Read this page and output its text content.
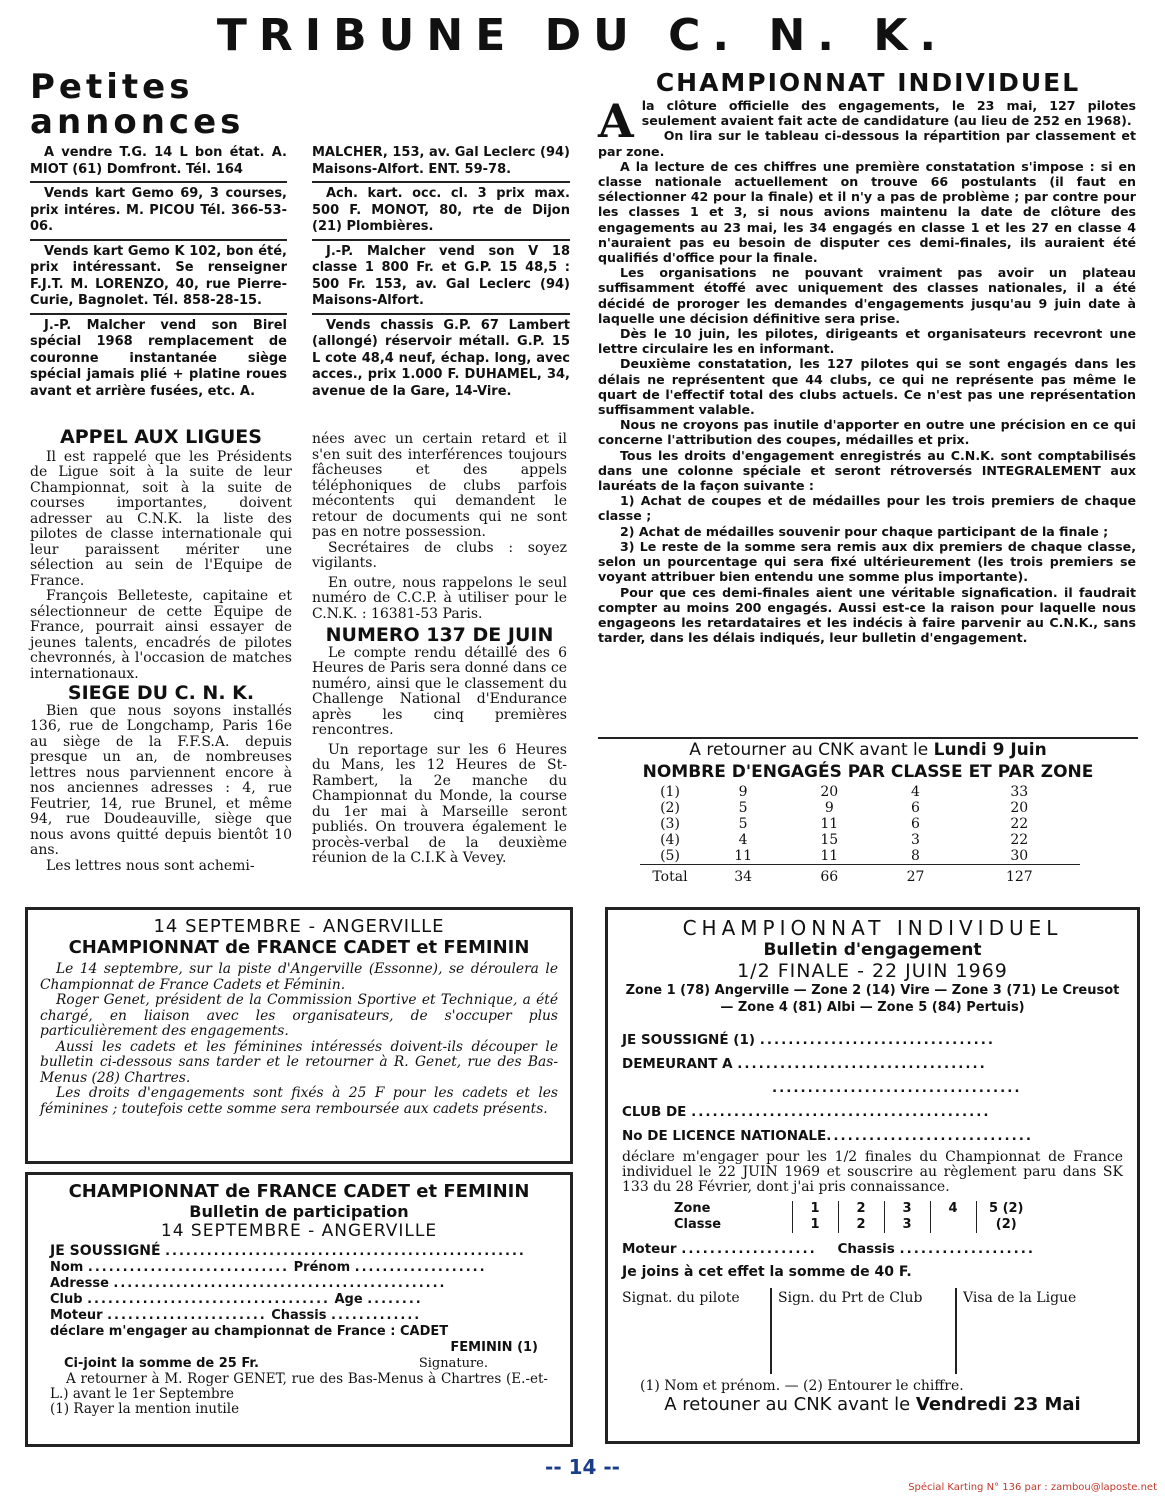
TRIBUNE DU C. N. K.
Petites
annonces

A vendre T.G. 14 L bon état. A. MIOT (61) Domfront. Tél. 164

Vends kart Gemo 69, 3 courses, prix intéres. M. PICOU Tél. 366-53-06.

Vends kart Gemo K 102, bon été, prix intéressant. Se renseigner F.J.T. M. LORENZO, 40, rue Pierre-Curie, Bagnolet. Tél. 858-28-15.

J.-P. Malcher vend son Birel spécial 1968 remplacement de couronne instantanée siège spécial jamais plié + platine roues avant et arrière fusées, etc. A.

MALCHER, 153, av. Gal Leclerc (94) Maisons-Alfort. ENT. 59-78.

Ach. kart. occ. cl. 3 prix max. 500 F. MONOT, 80, rte de Dijon (21) Plombières.

J.-P. Malcher vend son V 18 classe 1 800 Fr. et G.P. 15 48,5 : 500 Fr. 153, av. Gal Leclerc (94) Maisons-Alfort.

Vends chassis G.P. 67 Lambert (allongé) réservoir métall. G.P. 15 L cote 48,4 neuf, échap. long, avec acces., prix 1.000 F. DUHAMEL, 34, avenue de la Gare, 14-Vire.

APPEL AUX LIGUES

Il est rappelé que les Présidents de Ligue soit à la suite de leur Championnat, soit à la suite de courses importantes, doivent adresser au C.N.K. la liste des pilotes de classe internationale qui leur paraissent mériter une sélection au sein de l'Equipe de France.

François Belleteste, capitaine et sélectionneur de cette Equipe de France, pourrait ainsi essayer de jeunes talents, encadrés de pilotes chevronnés, à l'occasion de matches internationaux.

SIEGE DU C. N. K.

Bien que nous soyons installés 136, rue de Longchamp, Paris 16e au siège de la F.F.S.A. depuis presque un an, de nombreuses lettres nous parviennent encore à nos anciennes adresses : 4, rue Feutrier, 14, rue Brunel, et même 94, rue Doudeauville, siège que nous avons quitté depuis bientôt 10 ans.

Les lettres nous sont achemi-

nées avec un certain retard et il s'en suit des interférences toujours fâcheuses et des appels téléphoniques de clubs parfois mécontents qui demandent le retour de documents qui ne sont pas en notre possession.

Secrétaires de clubs : soyez vigilants.

En outre, nous rappelons le seul numéro de C.C.P. à utiliser pour le C.N.K. : 16381-53 Paris.

NUMERO 137 DE JUIN

Le compte rendu détaillé des 6 Heures de Paris sera donné dans ce numéro, ainsi que le classement du Challenge National d'Endurance après les cinq premières rencontres.

Un reportage sur les 6 Heures du Mans, les 12 Heures de St-Rambert, la 2e manche du Championnat du Monde, la course du 1er mai à Marseille seront publiés. On trouvera également le procès-verbal de la deuxième réunion de la C.I.K à Vevey.

CHAMPIONNAT INDIVIDUEL
A la clôture officielle des engagements, le 23 mai, 127 pilotes seulement avaient fait acte de candidature (au lieu de 252 en 1968).

On lira sur le tableau ci-dessous la répartition par classement et par zone.

A la lecture de ces chiffres une première constatation s'impose : si en classe nationale actuellement on trouve 66 postulants (il faut en sélectionner 42 pour la finale) et il n'y a pas de problème ; par contre pour les classes 1 et 3, si nous avions maintenu la date de clôture des engagements au 23 mai, les 34 engagés en classe 1 et les 27 en classe 4 n'auraient pas eu besoin de disputer ces demi-finales, ils auraient été qualifiés d'office pour la finale.

Les organisations ne pouvant vraiment pas avoir un plateau suffisamment étoffé avec uniquement des classes nationales, il a été décidé de proroger les demandes d'engagements jusqu'au 9 juin date à laquelle une décision définitive sera prise.

Dès le 10 juin, les pilotes, dirigeants et organisateurs recevront une lettre circulaire les en informant.

Deuxième constatation, les 127 pilotes qui se sont engagés dans les délais ne représentent que 44 clubs, ce qui ne représente pas même le quart de l'effectif total des clubs actuels. Ce n'est pas une représentation suffisamment valable.

Nous ne croyons pas inutile d'apporter en outre une précision en ce qui concerne l'attribution des coupes, médailles et prix.

Tous les droits d'engagement enregistrés au C.N.K. sont comptabilisés dans une colonne spéciale et seront rétroversés INTEGRALEMENT aux lauréats de la façon suivante :

1) Achat de coupes et de médailles pour les trois premiers de chaque classe ;

2) Achat de médailles souvenir pour chaque participant de la finale ;

3) Le reste de la somme sera remis aux dix premiers de chaque classe, selon un pourcentage qui sera fixé ultérieurement (les trois premiers se voyant attribuer bien entendu une somme plus importante).

Pour que ces demi-finales aient une véritable signafication. il faudrait compter au moins 200 engagés. Aussi est-ce la raison pour laquelle nous engageons les retardataires et les indécis à faire parvenir au C.N.K., sans tarder, dans les délais indiqués, leur bulletin d'engagement.

A retourner au CNK avant le Lundi 9 Juin
NOMBRE D'ENGAGÉS PAR CLASSE ET PAR ZONE
(1)	9	20	4	33
(2)	5	9	6	20
(3)	5	11	6	22
(4)	4	15	3	22
(5)	11	11	8	30
Total	34	66	27	127
14 SEPTEMBRE - ANGERVILLE
CHAMPIONNAT de FRANCE CADET et FEMININ

Le 14 septembre, sur la piste d'Angerville (Essonne), se déroulera le Championnat de France Cadets et Féminin.

Roger Genet, président de la Commission Sportive et Technique, a été chargé, en liaison avec les organisateurs, de s'occuper plus particulièrement des engagements.

Aussi les cadets et les féminines intéressés doivent-ils découper le bulletin ci-dessous sans tarder et le retourner à R. Genet, rue des Bas-Menus (28) Chartres.

Les droits d'engagements sont fixés à 25 F pour les cadets et les féminines ; toutefois cette somme sera remboursée aux cadets présents.

CHAMPIONNAT de FRANCE CADET et FEMININ
Bulletin de participation
14 SEPTEMBRE - ANGERVILLE
JE SOUSSIGNÉ ....................................................
Nom ............................. Prénom ...................
Adresse ................................................
Club ................................... Age ........
Moteur ....................... Chassis .............
déclare m'engager au championnat de France : CADET
FEMININ (1)
Ci-joint la somme de 25 Fr.	Signature.

A retourner à M. Roger GENET, rue des Bas-Menus à Chartres (E.-et-L.) avant le 1er Septembre

(1) Rayer la mention inutile

CHAMPIONNAT INDIVIDUEL
Bulletin d'engagement
1/2 FINALE - 22 JUIN 1969
Zone 1 (78) Angerville — Zone 2 (14) Vire — Zone 3 (71) Le Creusot — Zone 4 (81) Albi — Zone 5 (84) Pertuis)
JE SOUSSIGNÉ (1) .................................
DEMEURANT A ...................................
...................................
CLUB DE ..........................................
No DE LICENCE NATIONALE.............................
déclare m'engager pour les 1/2 finales du Championnat de France individuel le 22 JUIN 1969 et souscrire au règlement paru dans SK 133 du 28 Février, dont j'ai pris connaissance.
Zone	1	2	3	4	5 (2)
Classe	1	2	3		(2)
Moteur ................... Chassis ...................
Je joins à cet effet la somme de 40 F.
Signat. du pilote	Sign. du Prt de Club	Visa de la Ligue
(1) Nom et prénom. — (2) Entourer le chiffre.
A retouner au CNK avant le Vendredi 23 Mai
-- 14 --
Spécial Karting N° 136 par : zambou@laposte.net
